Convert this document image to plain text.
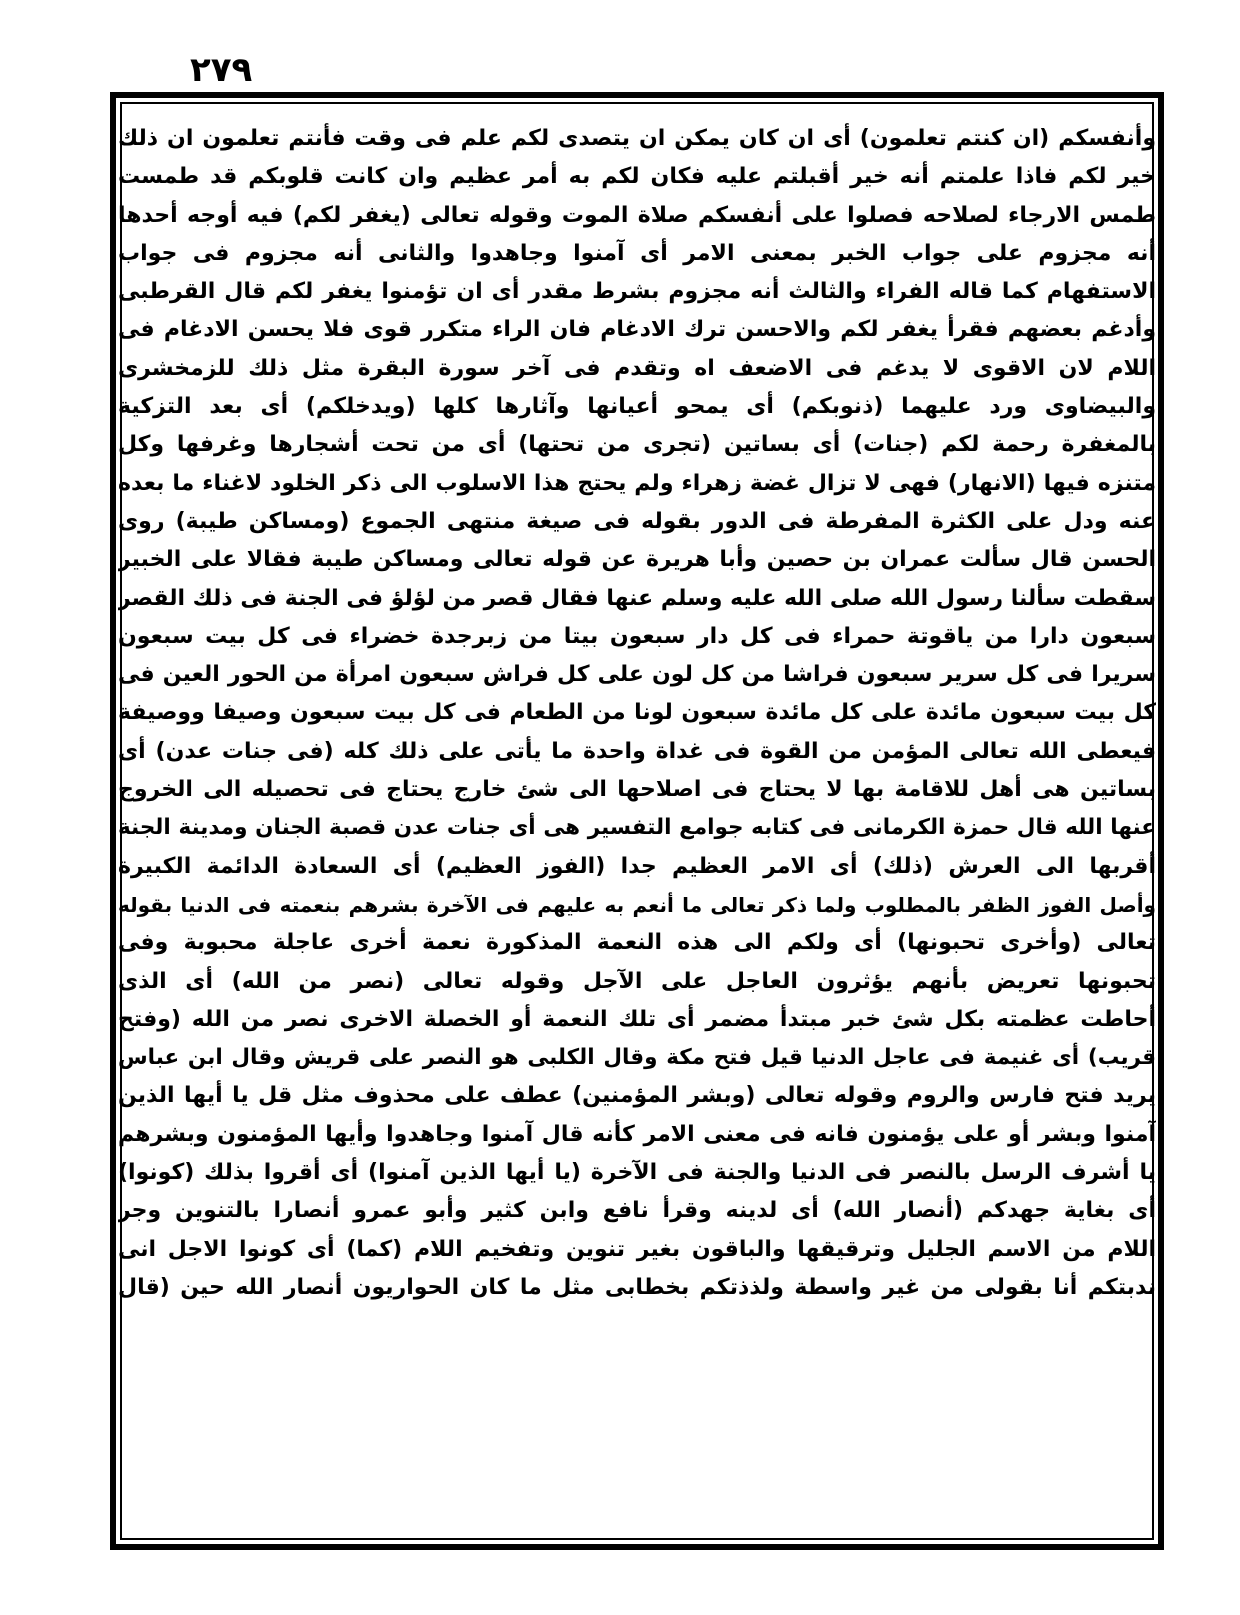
٢٧٩
وأنفسكم (ان كنتم تعلمون) أى ان كان يمكن ان يتصدى لكم علم فى وقت فأنتم تعلمون ان ذلك
خير لكم فاذا علمتم أنه خير أقبلتم عليه فكان لكم به أمر عظيم وان كانت قلوبكم قد طمست
طمس الارجاء لصلاحه فصلوا على أنفسكم صلاة الموت وقوله تعالى (يغفر لكم) فيه أوجه أحدها
أنه مجزوم على جواب الخبر بمعنى الامر أى آمنوا وجاهدوا والثانى أنه مجزوم فى جواب
الاستفهام كما قاله الفراء والثالث أنه مجزوم بشرط مقدر أى ان تؤمنوا يغفر لكم قال القرطبى
وأدغم بعضهم فقرأ يغفر لكم والاحسن ترك الادغام فان الراء متكرر قوى فلا يحسن الادغام فى
اللام لان الاقوى لا يدغم فى الاضعف اه وتقدم فى آخر سورة البقرة مثل ذلك للزمخشرى
والبيضاوى ورد عليهما (ذنوبكم) أى يمحو أعيانها وآثارها كلها (ويدخلكم) أى بعد التزكية
بالمغفرة رحمة لكم (جنات) أى بساتين (تجرى من تحتها) أى من تحت أشجارها وغرفها وكل
متنزه فيها (الانهار) فهى لا تزال غضة زهراء ولم يحتج هذا الاسلوب الى ذكر الخلود لاغناء ما بعده
عنه ودل على الكثرة المفرطة فى الدور بقوله فى صيغة منتهى الجموع (ومساكن طيبة) روى
الحسن قال سألت عمران بن حصين وأبا هريرة عن قوله تعالى ومساكن طيبة فقالا على الخبير
سقطت سألنا رسول الله صلى الله عليه وسلم عنها فقال قصر من لؤلؤ فى الجنة فى ذلك القصر
سبعون دارا من ياقوتة حمراء فى كل دار سبعون بيتا من زبرجدة خضراء فى كل بيت سبعون
سريرا فى كل سرير سبعون فراشا من كل لون على كل فراش سبعون امرأة من الحور العين فى
كل بيت سبعون مائدة على كل مائدة سبعون لونا من الطعام فى كل بيت سبعون وصيفا ووصيفة
فيعطى الله تعالى المؤمن من القوة فى غداة واحدة ما يأتى على ذلك كله (فى جنات عدن) أى
بساتين هى أهل للاقامة بها لا يحتاج فى اصلاحها الى شئ خارج يحتاج فى تحصيله الى الخروج
عنها الله قال حمزة الكرمانى فى كتابه جوامع التفسير هى أى جنات عدن قصبة الجنان ومدينة الجنة
أقربها الى العرش (ذلك) أى الامر العظيم جدا (الفوز العظيم) أى السعادة الدائمة الكبيرة
وأصل الفوز الظفر بالمطلوب ولما ذكر تعالى ما أنعم به عليهم فى الآخرة بشرهم بنعمته فى الدنيا بقوله
تعالى (وأخرى تحبونها) أى ولكم الى هذه النعمة المذكورة نعمة أخرى عاجلة محبوبة وفى
تحبونها تعريض بأنهم يؤثرون العاجل على الآجل وقوله تعالى (نصر من الله) أى الذى
أحاطت عظمته بكل شئ خبر مبتدأ مضمر أى تلك النعمة أو الخصلة الاخرى نصر من الله (وفتح
قريب) أى غنيمة فى عاجل الدنيا قيل فتح مكة وقال الكلبى هو النصر على قريش وقال ابن عباس
يريد فتح فارس والروم وقوله تعالى (وبشر المؤمنين) عطف على محذوف مثل قل يا أيها الذين
آمنوا وبشر أو على يؤمنون فانه فى معنى الامر كأنه قال آمنوا وجاهدوا وأيها المؤمنون وبشرهم
يا أشرف الرسل بالنصر فى الدنيا والجنة فى الآخرة (يا أيها الذين آمنوا) أى أقروا بذلك (كونوا)
أى بغاية جهدكم (أنصار الله) أى لدينه وقرأ نافع وابن كثير وأبو عمرو أنصارا بالتنوين وجر
اللام من الاسم الجليل وترقيقها والباقون بغير تنوين وتفخيم اللام (كما) أى كونوا الاجل انى
ندبتكم أنا بقولى من غير واسطة ولذذتكم بخطابى مثل ما كان الحواريون أنصار الله حين (قال
